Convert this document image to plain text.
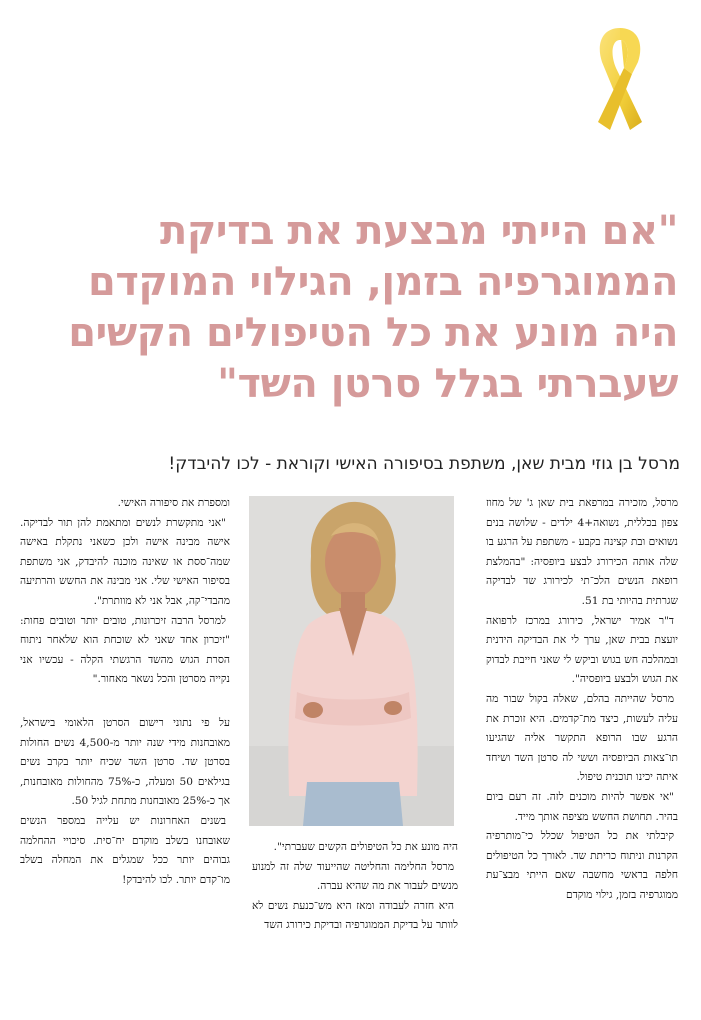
"אם הייתי מבצעת את בדיקת
הממוגרפיה בזמן, הגילוי המוקדם
היה מונע את כל הטיפולים הקשים
שעברתי בגלל סרטן השד"

מרסל בן גוזי מבית שאן, משתפת בסיפורה האישי וקוראת - לכו להיבדק!

מרסל, מזכירה במרפאת בית שאן ג' של מחוז צפון בכללית, נשואה+4 ילדים - שלושה בנים נשואים ובת קצינה בקבע - משתפת על הרגע בו שלה אותה הכירורג לבצע ביופסיה: "בהמלצת רופאת הנשים הלכ־תי לכירורג שד לבדיקה שגרתית בהיותי בת 51.

ד"ר אמיר ישראל, כירורג במרכז לרפואה יועצת בבית שאן, ערך לי את הבדיקה הידנית ובמהלכה חש בגוש וביקש לי שאני חייבת לבדוק את הגוש ולבצע ביופסיה".

מרסל שהייתה בהלם, שאלה בקול שבור מה עליה לעשות, כיצד מת־קדמים. היא זוכרת את הרגע שבו הרופא התקשר אליה שהגיעו תו־צאות הביופסיה וששי לה סרטן השד ושיחד איתה יכינו תוכנית טיפול.

"אי אפשר להיות מוכנים לזה. זה רעם ביום בהיר. תחושת החשש מציפה אותך מייד.

קיבלתי את כל הטיפול שכלל כי־מותרפיה הקרנות וניתוח כריתת שד. לאורך כל הטיפולים חלפה בראשי מחשבה שאם הייתי מבצ־עת ממוגרפיה בזמן, גילוי מוקדם

היה מונע את כל הטיפולים הקשים שעברתי".

מרסל החלימה והחליטה שהייעוד שלה זה למנוע מנשים לעבור את מה שהיא עברה.

היא חזרה לעבודה ומאז היא מש־כנעת נשים לא לוותר על בדיקת הממוגרפיה ובדיקת כירורג השד

ומספרת את סיפורה האישי.

"אני מתקשרת לנשים ומתאמת להן תור לבדיקה. אישה מבינה אישה ולכן כשאני נתקלת באישה שמה־ססת או שאינה מוכנה להיבדק, אני משתפת בסיפור האישי שלי. אני מבינה את החשש והרתיעה מהבדי־קה, אבל אני לא מוותרת".

למרסל הרבה זיכרונות, טובים יותר וטובים פחות: "זיכרון אחד שאני לא שוכחת הוא שלאחר ניתוח הסרת הגוש מהשד הרגשתי הקלה - עכשיו אני נקייה מסרטן והכל נשאר מאחור."

על פי נתוני רישום הסרטן הלאומי בישראל, מאובחנות מידי שנה יותר מ-4,500 נשים החולות בסרטן שד. סרטן השד שכיח יותר בקרב נשים בגילאים 50 ומעלה, כ-75% מהחולות מאובחנות, אך כ-25% מאובחנות מתחת לגיל 50.

בשנים האחרונות יש עלייה במספר הנשים שאובחנו בשלב מוקדם יח־סית. סיכויי ההחלמה גבוהים יותר ככל שמגלים את המחלה בשלב מו־קדם יותר. לכו להיבדק!
